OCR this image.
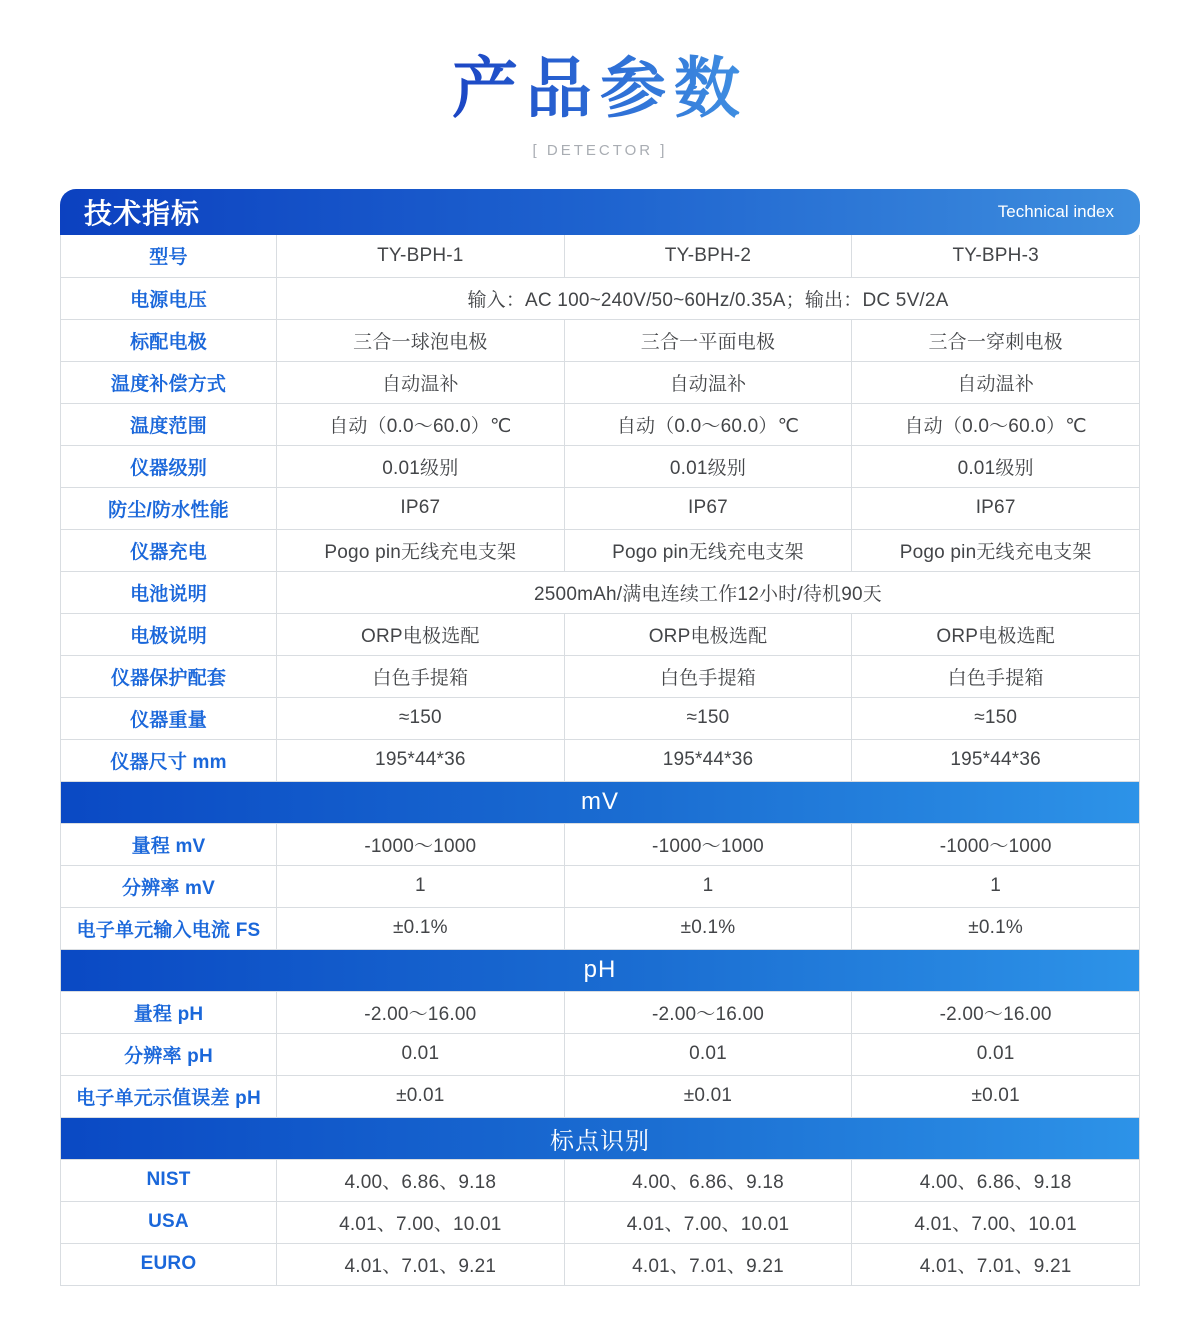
产品参数
[ DETECTOR ]
技术指标	Technical index
型号	TY-BPH-1	TY-BPH-2	TY-BPH-3
电源电压	输入：AC 100~240V/50~60Hz/0.35A；输出：DC 5V/2A
标配电极	三合一球泡电极	三合一平面电极	三合一穿刺电极
温度补偿方式	自动温补	自动温补	自动温补
温度范围	自动（0.0～60.0）℃	自动（0.0～60.0）℃	自动（0.0～60.0）℃
仪器级别	0.01级别	0.01级别	0.01级别
防尘/防水性能	IP67	IP67	IP67
仪器充电	Pogo pin无线充电支架	Pogo pin无线充电支架	Pogo pin无线充电支架
电池说明	2500mAh/满电连续工作12小时/待机90天
电极说明	ORP电极选配	ORP电极选配	ORP电极选配
仪器保护配套	白色手提箱	白色手提箱	白色手提箱
仪器重量	≈150	≈150	≈150
仪器尺寸 mm	195*44*36	195*44*36	195*44*36
mV
量程 mV	-1000～1000	-1000～1000	-1000～1000
分辨率 mV	1	1	1
电子单元输入电流 FS	±0.1%	±0.1%	±0.1%
pH
量程 pH	-2.00～16.00	-2.00～16.00	-2.00～16.00
分辨率 pH	0.01	0.01	0.01
电子单元示值误差 pH	±0.01	±0.01	±0.01
标点识别
NIST	4.00、6.86、9.18	4.00、6.86、9.18	4.00、6.86、9.18
USA	4.01、7.00、10.01	4.01、7.00、10.01	4.01、7.00、10.01
EURO	4.01、7.01、9.21	4.01、7.01、9.21	4.01、7.01、9.21
